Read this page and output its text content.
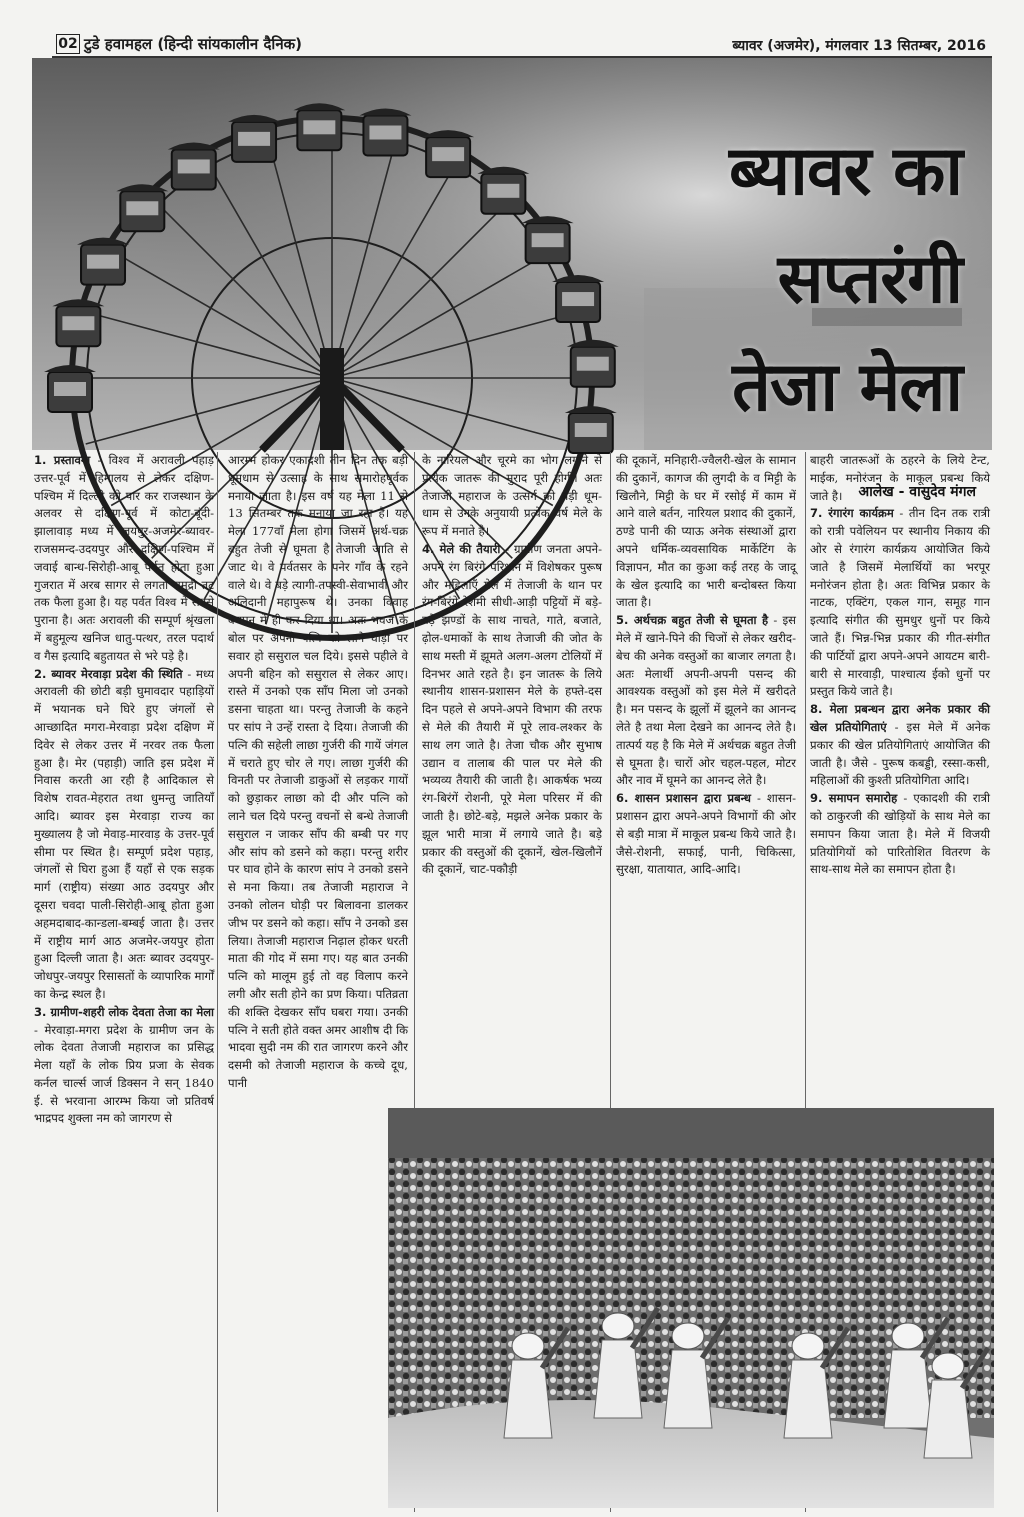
02 टुडे हवामहल (हिन्दी सांयकालीन दैनिक)	ब्यावर (अजमेर), मंगलवार 13 सितम्बर, 2016
ब्यावर का
सप्तरंगी
तेजा मेला
आलेख - वासुदेव मंगल

1. प्रस्तावना - विश्व में अरावली पहाड़ उत्तर-पूर्व में हिमालय से लेकर दक्षिण-पश्चिम में दिल्ली को पार कर राजस्थान के अलवर से दक्षिण-पूर्व में कोटा-बूंदी-झालावाड़ मध्य में जयपुर-अजमेर-ब्यावर-राजसमन्द-उदयपुर और दक्षिण-पश्चिम में जवाई बान्ध-सिरोही-आबू पर्वत होता हुआ गुजरात में अरब सागर से लगता समुद्री तट तक फैला हुआ है। यह पर्वत विश्व में सबसे पुराना है। अतः अरावली की सम्पूर्ण श्रृंखला में बहुमूल्य खनिज धातु-पत्थर, तरल पदार्थ व गैस इत्यादि बहुतायत से भरे पड़े है।
2. ब्यावर मेरवाड़ा प्रदेश की स्थिति - मध्य अरावली की छोटी बड़ी घुमावदार पहाड़ियों में भयानक घने घिरे हुए जंगलों से आच्छादित मगरा-मेरवाड़ा प्रदेश दक्षिण में दिवेर से लेकर उत्तर में नरवर तक फैला हुआ है। मेर (पहाड़ी) जाति इस प्रदेश में निवास करती आ रही है आदिकाल से विशेष रावत-मेहरात तथा धुमन्तु जातियाँ आदि। ब्यावर इस मेरवाड़ा राज्य का मुख्यालय है जो मेवाड़-मारवाड़ के उत्तर-पूर्व सीमा पर स्थित है। सम्पूर्ण प्रदेश पहाड़, जंगलों से घिरा हुआ हैं यहाँ से एक सड़क मार्ग (राष्ट्रीय) संख्या आठ उदयपुर और दूसरा चवदा पाली-सिरोही-आबू होता हुआ अहमदाबाद-कान्डला-बम्बई जाता है। उत्तर में राष्ट्रीय मार्ग आठ अजमेर-जयपुर होता हुआ दिल्ली जाता है। अतः ब्यावर उदयपुर-जोधपुर-जयपुर रिसासतों के व्यापारिक मार्गों का केन्द्र स्थल है।
3. ग्रामीण-शहरी लोक देवता तेजा का मेला - मेरवाड़ा-मगरा प्रदेश के ग्रामीण जन के लोक देवता तेजाजी महाराज का प्रसिद्ध मेला यहाँ के लोक प्रिय प्रजा के सेवक कर्नल चार्ल्स जार्ज डिक्सन ने सन् 1840 ई. से भरवाना आरम्भ किया जो प्रतिवर्ष भाद्रपद शुक्ला नम को जागरण से

आरम्भ होकर एकादशी तीन दिन तक बड़ी धूमधाम से उत्साह के साथ समारोहपूर्वक मनाया जाता है। इस वर्ष यह मेला 11 से 13 सितम्बर तक मनाया जा रहा है। यह मेला 177वाँ मेला होगा जिसमें अर्थ-चक्र बहुत तेजी से घूमता है तेजाजी जाति से जाट थे। वे पर्वतसर के पनेर गाँव के रहने वाले थे। वे बड़े त्यागी-तपस्वी-सेवाभावी और अलिदानी महापुरूष थे। उनका विवाह बचपन में ही कर दिया था। अतः भवज के बोल पर अपनी पत्नि को लाने घोड़ी पर सवार हो ससुराल चल दिये। इससे पहीले वे अपनी बहिन को ससुराल से लेकर आए। रास्ते में उनको एक सॉंप मिला जो उनको डसना चाहता था। परन्तु तेजाजी के कहने पर सांप ने उन्हें रास्ता दे दिया। तेजाजी की पत्नि की सहेली लाछा गुर्जरी की गायें जंगल में चराते हुए चोर ले गए। लाछा गुर्जरी की विनती पर तेजाजी डाकुओं से लड़कर गायों को छुड़ाकर लाछा को दी और पत्नि को लाने चल दिये परन्तु वचनों से बन्धे तेजाजी ससुराल न जाकर सॉंप की बम्बी पर गए और सांप को डसने को कहा। परन्तु शरीर पर घाव होने के कारण सांप ने उनको डसने से मना किया। तब तेजाजी महाराज ने उनको लोलन घोड़ी पर बिलावना डालकर जीभ पर डसने को कहा। सॉंप ने उनको डस लिया। तेजाजी महाराज निढ़ाल होकर धरती माता की गोद में समा गए। यह बात उनकी पत्नि को मालूम हुई तो वह विलाप करने लगी और सती होने का प्रण किया। पतिव्रता की शक्ति देखकर सॉंप घबरा गया। उनकी पत्नि ने सती होते वक्त अमर आशीष दी कि भादवा सुदी नम की रात जागरण करने और दसमी को तेजाजी महाराज के कच्चे दूध, पानी

के नारियल और चूरमे का भोग लगाने से प्रत्येक जातरू की मुराद पूरी होगी। अतः तेजाजी महाराज के उत्सर्ग को बड़ी धूम-धाम से उनके अनुयायी प्रत्येक वर्ष मेले के रूप में मनाते है।
4. मेले की तैयारी - ग्रामीण जनता अपने-अपने रंग बिरंगे परिधान में विशेषकर पुरूष और महिलाएँ मेले में तेजाजी के थान पर रंग-बिरंगे रेशमी सीधी-आड़ी पट्टियों में बड़े-बड़े झण्डों के साथ नाचते, गाते, बजाते, ढ़ोल-धमाकों के साथ तेजाजी की जोत के साथ मस्ती में झूमते अलग-अलग टोलियों में दिनभर आते रहते है। इन जातरू के लिये स्थानीय शासन-प्रशासन मेले के हफ्ते-दस दिन पहले से अपने-अपने विभाग की तरफ से मेले की तैयारी में पूरे लाव-लश्कर के साथ लग जाते है। तेजा चौक और सुभाष उद्यान व तालाब की पाल पर मेले की भव्यव्य तैयारी की जाती है। आकर्षक भव्य रंग-बिरंगें रोशनी, पूरे मेला परिसर में की जाती है। छोटे-बड़े, मझले अनेक प्रकार के झूल भारी मात्रा में लगाये जाते है। बड़े प्रकार की वस्तुओं की दूकानें, खेल-खिलौनें की दूकानें, चाट-पकौड़ी

की दूकानें, मनिहारी-ज्वैलरी-खेल के सामान की दुकानें, कागज की लुगदी के व मिट्टी के खिलौने, मिट्टी के घर में रसोई में काम में आने वाले बर्तन, नारियल प्रशाद की दुकानें, ठण्डे पानी की प्याऊ अनेक संस्थाओं द्वारा अपने धर्मिक-व्यवसायिक मार्केटिंग के विज्ञापन, मौत का कुआ कई तरह के जादू के खेल इत्यादि का भारी बन्दोबस्त किया जाता है।
5. अर्थचक्र बहुत तेजी से घूमता है - इस मेले में खाने-पिने की चिजों से लेकर खरीद-बेच की अनेक वस्तुओं का बाजार लगता है। अतः मेलार्थी अपनी-अपनी पसन्द की आवश्यक वस्तुओं को इस मेले में खरीदते है। मन पसन्द के झूलों में झूलने का आनन्द लेते है तथा मेला देखने का आनन्द लेते है। तात्पर्य यह है कि मेले में अर्थचक्र बहुत तेजी से घूमता है। चारों ओर चहल-पहल, मोटर और नाव में घूमने का आनन्द लेते है।
6. शासन प्रशासन द्वारा प्रबन्ध - शासन-प्रशासन द्वारा अपने-अपने विभागों की ओर से बड़ी मात्रा में माकूल प्रबन्ध किये जाते है। जैसे-रोशनी, सफाई, पानी, चिकित्सा, सुरक्षा, यातायात, आदि-आदि।

बाहरी जातरूओं के ठहरने के लिये टेन्ट, माईक, मनोरंजन के माकूल प्रबन्ध किये जाते है।
7. रंगारंग कार्यक्रम - तीन दिन तक रात्री को रात्री पवेलियन पर स्थानीय निकाय की ओर से रंगारंग कार्यक्रय आयोजित किये जाते है जिसमें मेलार्थियों का भरपूर मनोरंजन होता है। अतः विभिन्न प्रकार के नाटक, एक्टिंग, एकल गान, समूह गान इत्यादि संगीत की सुमधुर धुनों पर किये जाते हैं। भिन्न-भिन्न प्रकार की गीत-संगीत की पार्टियों द्वारा अपने-अपने आयटम बारी-बारी से मारवाड़ी, पाश्चात्य ईको धुनों पर प्रस्तुत किये जाते है।
8. मेला प्रबन्धन द्वारा अनेक प्रकार की खेल प्रतियोगिताएं - इस मेले में अनेक प्रकार की खेल प्रतियोगिताएं आयोजित की जाती है। जैसे - पुरूष कबड्डी, रस्सा-कसी, महिलाओं की कुश्ती प्रतियोगिता आदि।
9. समापन समारोह - एकादशी की रात्री को ठाकुरजी की खोड़ियों के साथ मेले का समापन किया जाता है। मेले में विजयी प्रतियोगियों को पारितोशित वितरण के साथ-साथ मेले का समापन होता है।
